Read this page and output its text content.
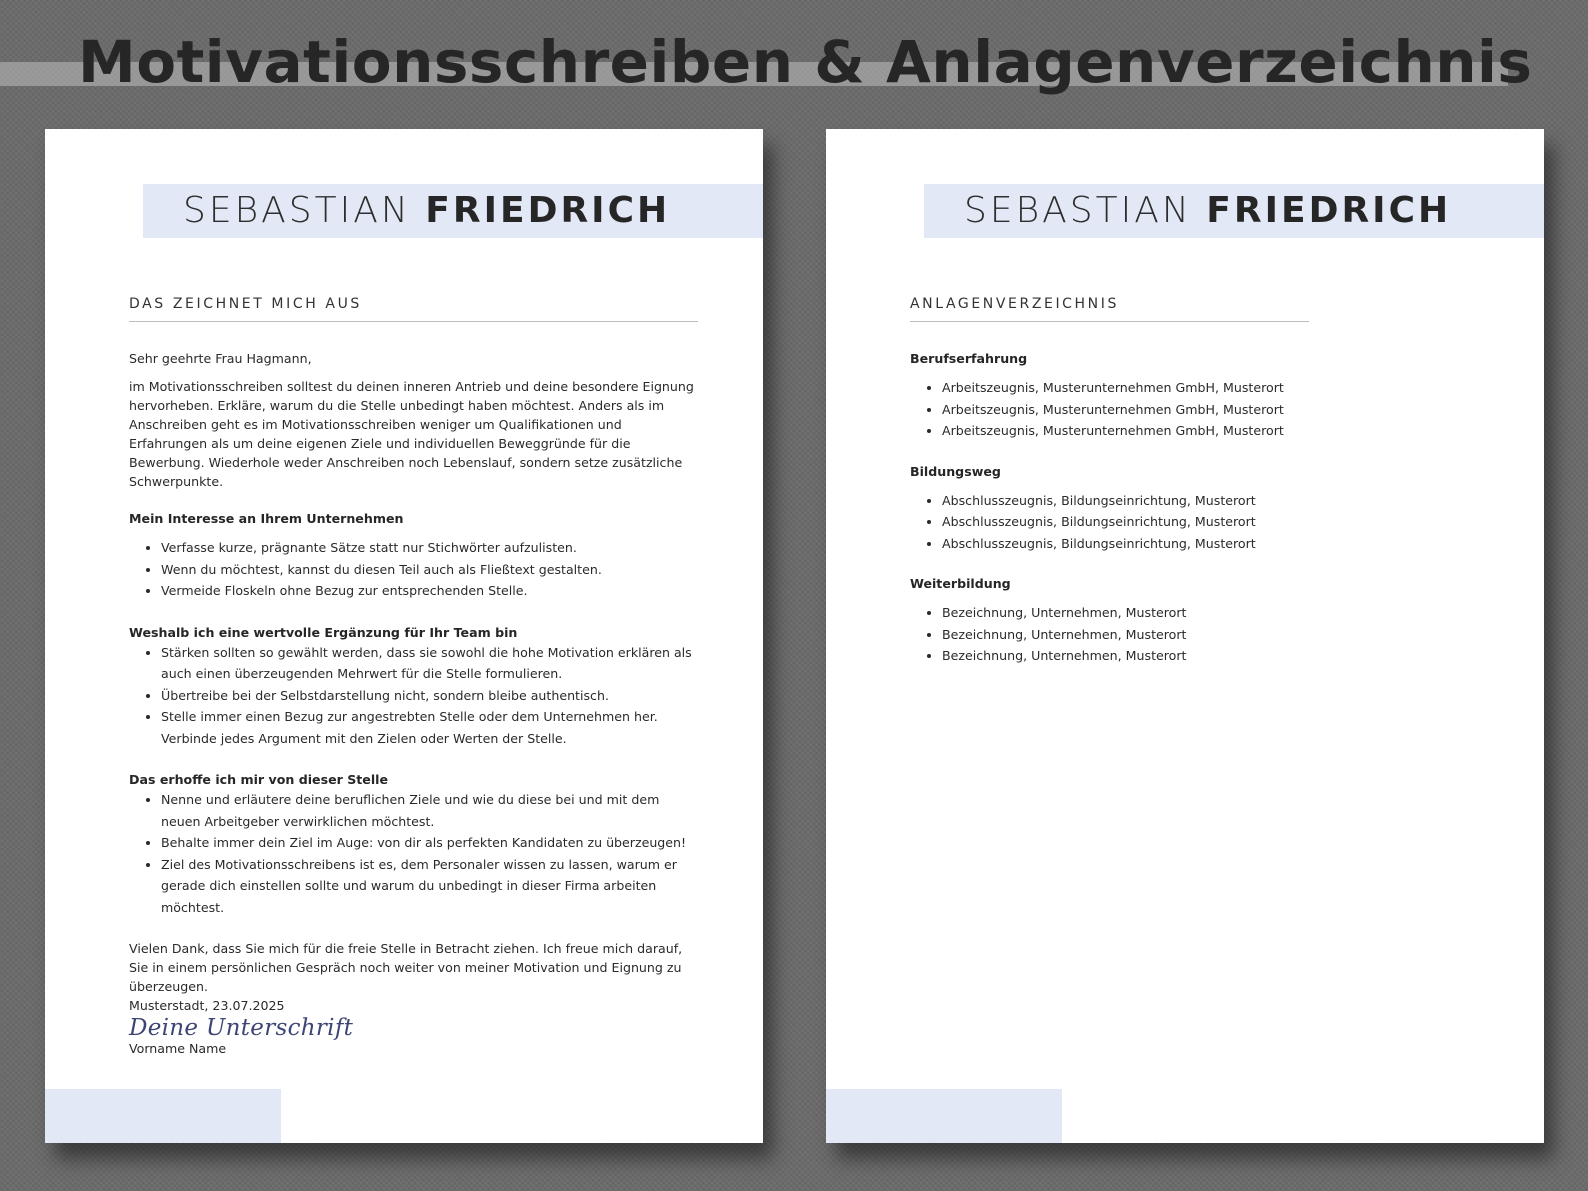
Motivationsschreiben & Anlagenverzeichnis
SEBASTIAN FRIEDRICH
DAS ZEICHNET MICH AUS

Sehr geehrte Frau Hagmann,

im Motivationsschreiben solltest du deinen inneren Antrieb und deine besondere Eignung hervorheben. Erkläre, warum du die Stelle unbedingt haben möchtest. Anders als im Anschreiben geht es im Motivationsschreiben weniger um Qualifikationen und Erfahrungen als um deine eigenen Ziele und individuellen Beweggründe für die Bewerbung. Wiederhole weder Anschreiben noch Lebenslauf, sondern setze zusätzliche Schwerpunkte.

Mein Interesse an Ihrem Unternehmen
• Verfasse kurze, prägnante Sätze statt nur Stichwörter aufzulisten.
• Wenn du möchtest, kannst du diesen Teil auch als Fließtext gestalten.
• Vermeide Floskeln ohne Bezug zur entsprechenden Stelle.
Weshalb ich eine wertvolle Ergänzung für Ihr Team bin
• Stärken sollten so gewählt werden, dass sie sowohl die hohe Motivation erklären als auch einen überzeugenden Mehrwert für die Stelle formulieren.
• Übertreibe bei der Selbstdarstellung nicht, sondern bleibe authentisch.
• Stelle immer einen Bezug zur angestrebten Stelle oder dem Unternehmen her. Verbinde jedes Argument mit den Zielen oder Werten der Stelle.
Das erhoffe ich mir von dieser Stelle
• Nenne und erläutere deine beruflichen Ziele und wie du diese bei und mit dem neuen Arbeitgeber verwirklichen möchtest.
• Behalte immer dein Ziel im Auge: von dir als perfekten Kandidaten zu überzeugen!
• Ziel des Motivationsschreibens ist es, dem Personaler wissen zu lassen, warum er gerade dich einstellen sollte und warum du unbedingt in dieser Firma arbeiten möchtest.

Vielen Dank, dass Sie mich für die freie Stelle in Betracht ziehen. Ich freue mich darauf, Sie in einem persönlichen Gespräch noch weiter von meiner Motivation und Eignung zu überzeugen.

Musterstadt, 23.07.2025

Deine Unterschrift

Vorname Name

SEBASTIAN FRIEDRICH
ANLAGENVERZEICHNIS
Berufserfahrung
• Arbeitszeugnis, Musterunternehmen GmbH, Musterort
• Arbeitszeugnis, Musterunternehmen GmbH, Musterort
• Arbeitszeugnis, Musterunternehmen GmbH, Musterort
Bildungsweg
• Abschlusszeugnis, Bildungseinrichtung, Musterort
• Abschlusszeugnis, Bildungseinrichtung, Musterort
• Abschlusszeugnis, Bildungseinrichtung, Musterort
Weiterbildung
• Bezeichnung, Unternehmen, Musterort
• Bezeichnung, Unternehmen, Musterort
• Bezeichnung, Unternehmen, Musterort
